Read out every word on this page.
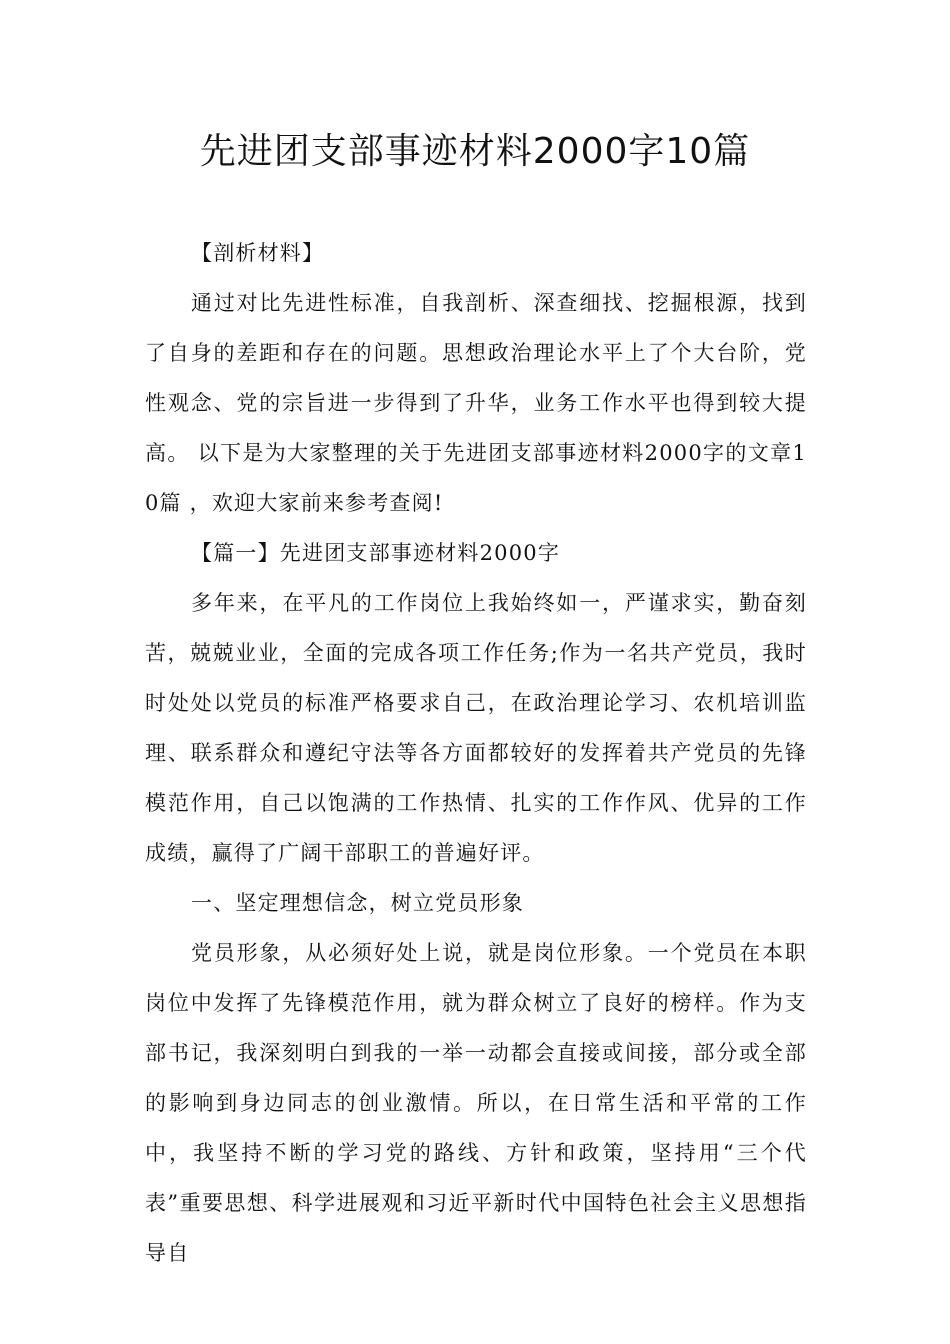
先进团支部事迹材料2000字10篇

【剖析材料】

通过对比先进性标准，自我剖析、深查细找、挖掘根源，找到了自身的差距和存在的问题。思想政治理论水平上了个大台阶，党性观念、党的宗旨进一步得到了升华，业务工作水平也得到较大提高。 以下是为大家整理的关于先进团支部事迹材料2000字的文章10篇 ，欢迎大家前来参考查阅!

【篇一】先进团支部事迹材料2000字

多年来，在平凡的工作岗位上我始终如一，严谨求实，勤奋刻苦，兢兢业业，全面的完成各项工作任务;作为一名共产党员，我时时处处以党员的标准严格要求自己，在政治理论学习、农机培训监理、联系群众和遵纪守法等各方面都较好的发挥着共产党员的先锋模范作用，自己以饱满的工作热情、扎实的工作作风、优异的工作成绩，赢得了广阔干部职工的普遍好评。

一、坚定理想信念，树立党员形象

党员形象，从必须好处上说，就是岗位形象。一个党员在本职岗位中发挥了先锋模范作用，就为群众树立了良好的榜样。作为支部书记，我深刻明白到我的一举一动都会直接或间接，部分或全部的影响到身边同志的创业激情。所以，在日常生活和平常的工作中，我坚持不断的学习党的路线、方针和政策，坚持用“三个代表”重要思想、科学进展观和习近平新时代中国特色社会主义思想指导自
